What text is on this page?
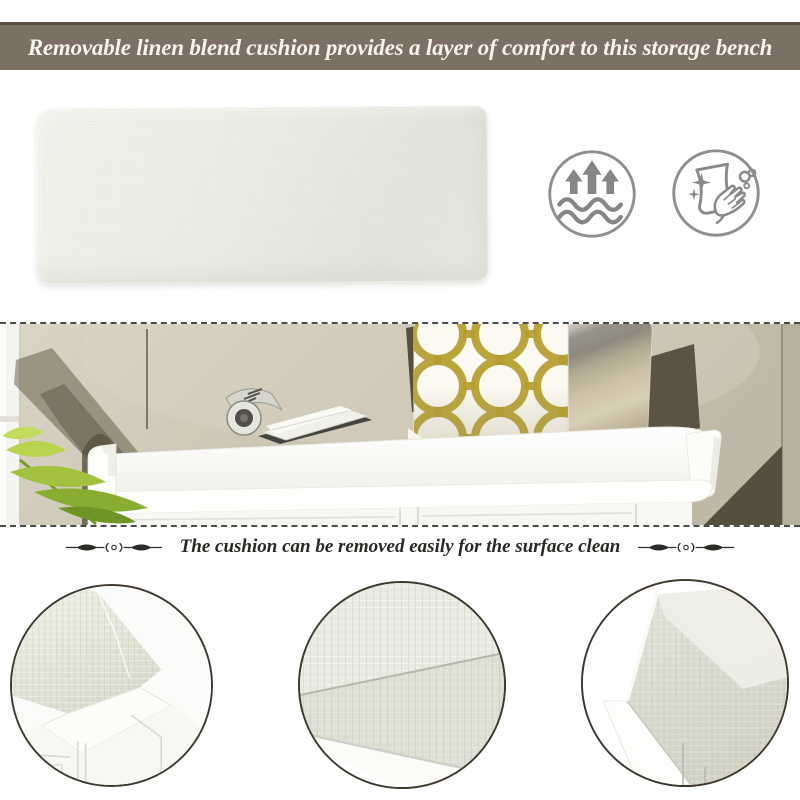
Removable linen blend cushion provides a layer of comfort to this storage bench
The cushion can be removed easily for the surface clean
